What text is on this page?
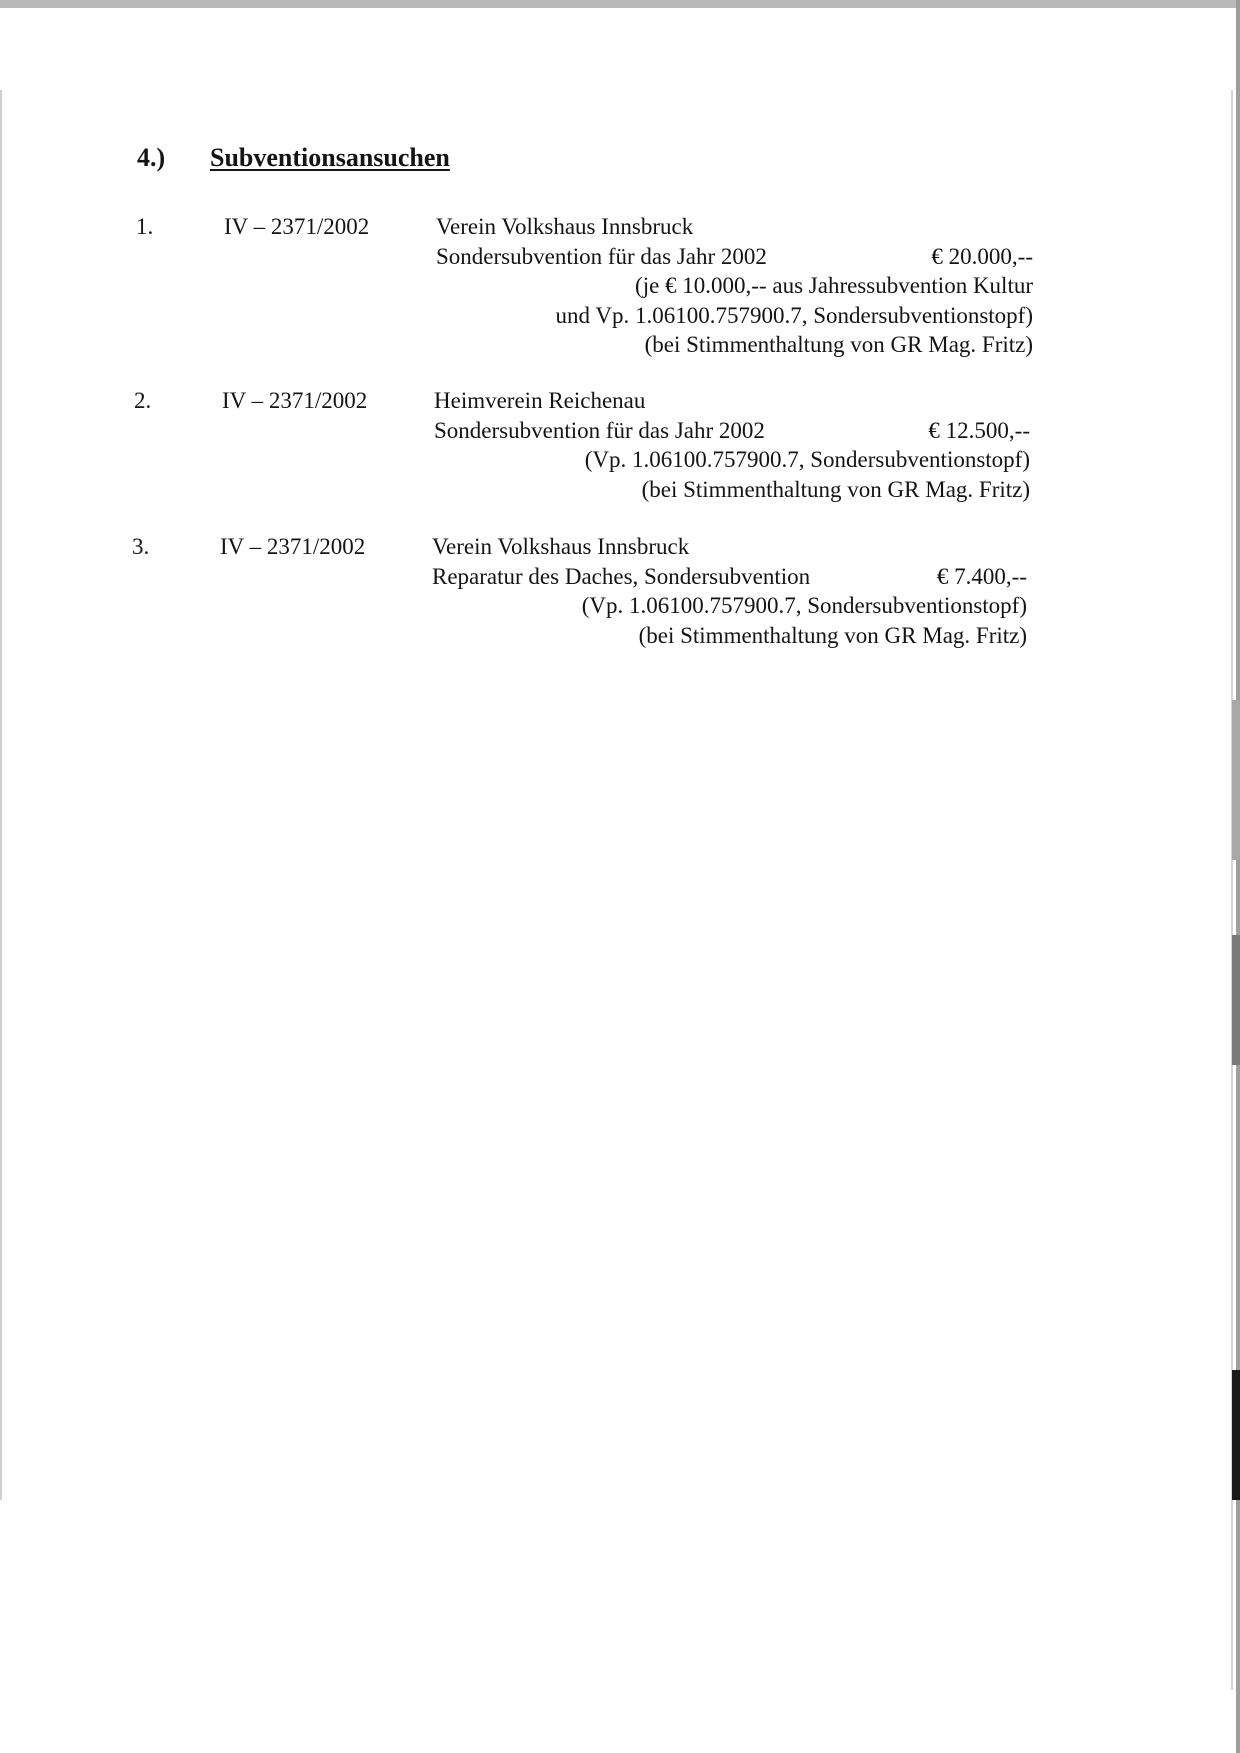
4.) Subventionsansuchen
1.	IV – 2371/2002	Verein Volkshaus Innsbruck
Sondersubvention für das Jahr 2002	€ 20.000,--
(je € 10.000,-- aus Jahressubvention Kultur
und Vp. 1.06100.757900.7, Sondersubventionstopf)
(bei Stimmenthaltung von GR Mag. Fritz)
2.	IV – 2371/2002	Heimverein Reichenau
Sondersubvention für das Jahr 2002	€ 12.500,--
(Vp. 1.06100.757900.7, Sondersubventionstopf)
(bei Stimmenthaltung von GR Mag. Fritz)
3.	IV – 2371/2002	Verein Volkshaus Innsbruck
Reparatur des Daches, Sondersubvention	€ 7.400,--
(Vp. 1.06100.757900.7, Sondersubventionstopf)
(bei Stimmenthaltung von GR Mag. Fritz)
